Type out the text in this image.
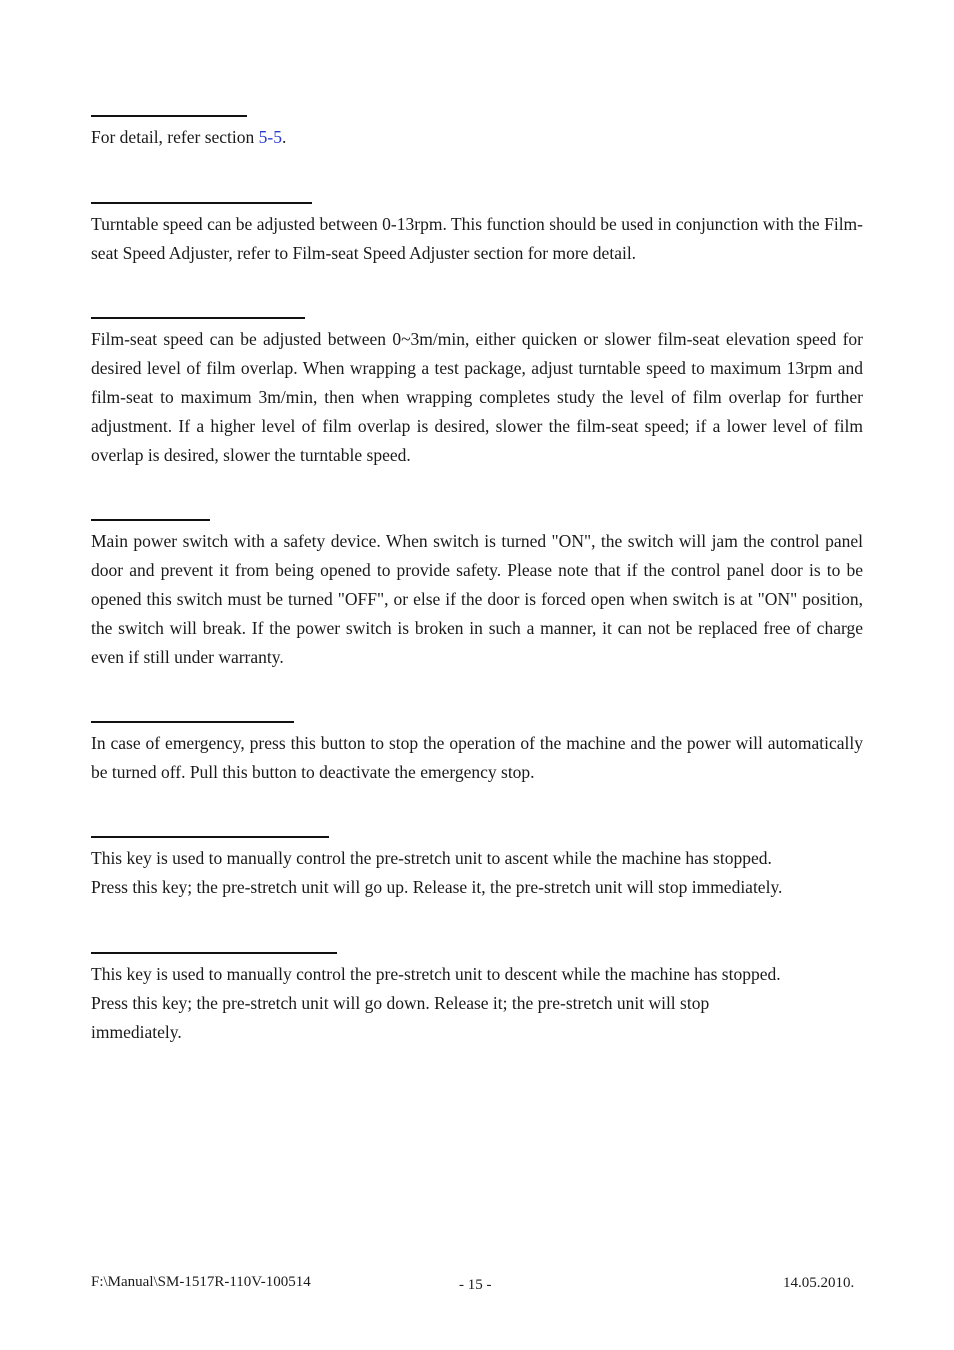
For detail, refer section 5-5.

Turntable speed can be adjusted between 0-13rpm. This function should be used in conjunction with the Film-seat Speed Adjuster, refer to Film-seat Speed Adjuster section for more detail.

Film-seat speed can be adjusted between 0~3m/min, either quicken or slower film-seat elevation speed for desired level of film overlap. When wrapping a test package, adjust turntable speed to maximum 13rpm and film-seat to maximum 3m/min, then when wrapping completes study the level of film overlap for further adjustment. If a higher level of film overlap is desired, slower the film-seat speed; if a lower level of film overlap is desired, slower the turntable speed.

Main power switch with a safety device. When switch is turned "ON", the switch will jam the control panel door and prevent it from being opened to provide safety. Please note that if the control panel door is to be opened this switch must be turned "OFF", or else if the door is forced open when switch is at "ON" position, the switch will break. If the power switch is broken in such a manner, it can not be replaced free of charge even if still under warranty.

In case of emergency, press this button to stop the operation of the machine and the power will automatically be turned off. Pull this button to deactivate the emergency stop.

This key is used to manually control the pre-stretch unit to ascent while the machine has stopped.
Press this key; the pre-stretch unit will go up. Release it, the pre-stretch unit will stop immediately.

This key is used to manually control the pre-stretch unit to descent while the machine has stopped.
Press this key; the pre-stretch unit will go down. Release it; the pre-stretch unit will stop
immediately.

F:\Manual\SM-1517R-110V-100514	- 15 -	14.05.2010.
